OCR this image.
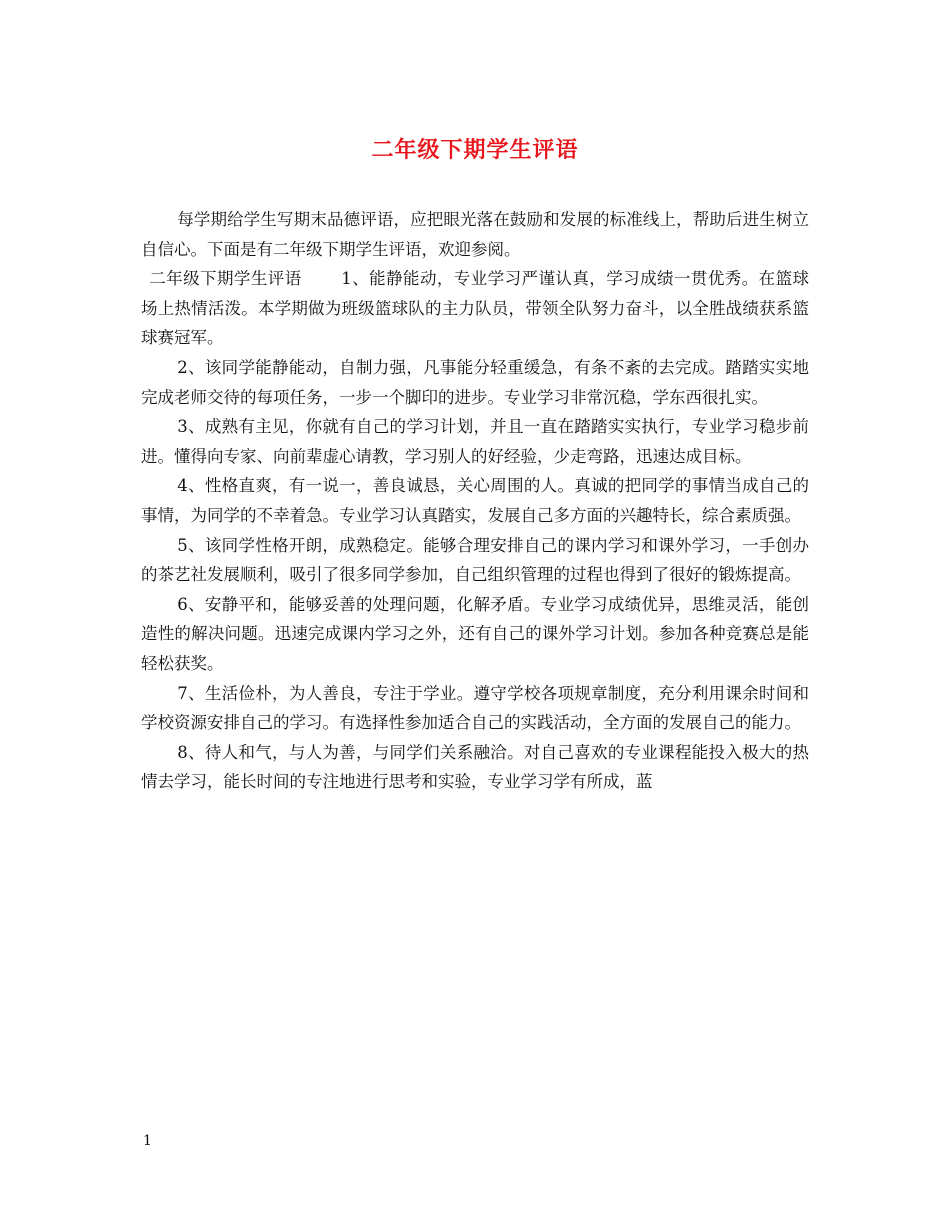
二年级下期学生评语

每学期给学生写期末品德评语，应把眼光落在鼓励和发展的标准线上，帮助后进生树立自信心。下面是有二年级下期学生评语，欢迎参阅。

二年级下期学生评语 1、能静能动，专业学习严谨认真，学习成绩一贯优秀。在篮球场上热情活泼。本学期做为班级篮球队的主力队员，带领全队努力奋斗，以全胜战绩获系篮球赛冠军。

2、该同学能静能动，自制力强，凡事能分轻重缓急，有条不紊的去完成。踏踏实实地完成老师交待的每项任务，一步一个脚印的进步。专业学习非常沉稳，学东西很扎实。

3、成熟有主见，你就有自己的学习计划，并且一直在踏踏实实执行，专业学习稳步前进。懂得向专家、向前辈虚心请教，学习别人的好经验，少走弯路，迅速达成目标。

4、性格直爽，有一说一，善良诚恳，关心周围的人。真诚的把同学的事情当成自己的事情，为同学的不幸着急。专业学习认真踏实，发展自己多方面的兴趣特长，综合素质强。

5、该同学性格开朗，成熟稳定。能够合理安排自己的课内学习和课外学习，一手创办的茶艺社发展顺利，吸引了很多同学参加，自己组织管理的过程也得到了很好的锻炼提高。

6、安静平和，能够妥善的处理问题，化解矛盾。专业学习成绩优异，思维灵活，能创造性的解决问题。迅速完成课内学习之外，还有自己的课外学习计划。参加各种竞赛总是能轻松获奖。

7、生活俭朴，为人善良，专注于学业。遵守学校各项规章制度，充分利用课余时间和学校资源安排自己的学习。有选择性参加适合自己的实践活动，全方面的发展自己的能力。

8、待人和气，与人为善，与同学们关系融洽。对自己喜欢的专业课程能投入极大的热情去学习，能长时间的专注地进行思考和实验，专业学习学有所成，蓝

1
